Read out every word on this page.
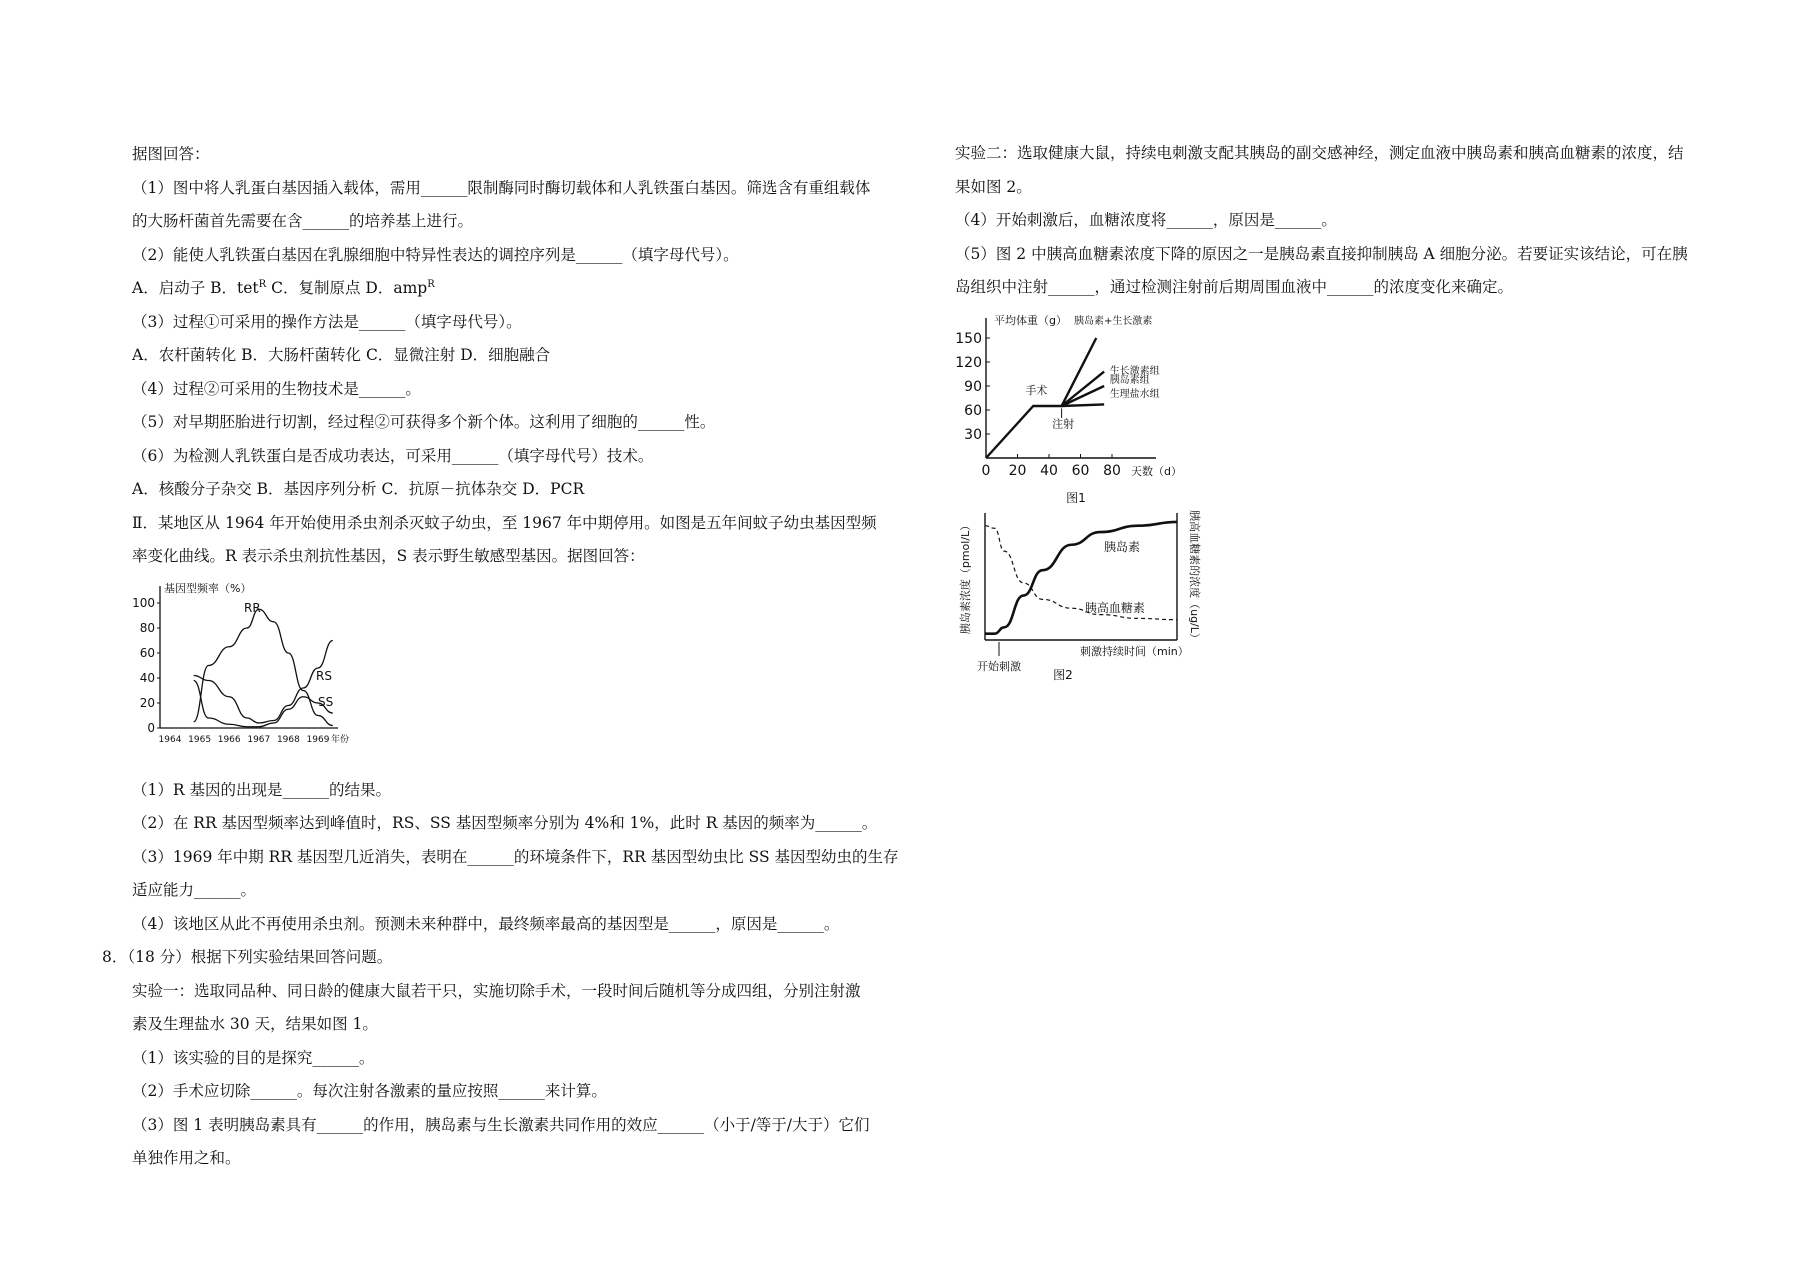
据图回答：
（1）图中将人乳蛋白基因插入载体，需用______限制酶同时酶切载体和人乳铁蛋白基因。筛选含有重组载体
的大肠杆菌首先需要在含______的培养基上进行。
（2）能使人乳铁蛋白基因在乳腺细胞中特异性表达的调控序列是______（填字母代号）。
A．启动子 B．tet$^R$ C．复制原点 D．amp$^R$
（3）过程①可采用的操作方法是______（填字母代号）。
A．农杆菌转化 B．大肠杆菌转化 C．显微注射 D．细胞融合
（4）过程②可采用的生物技术是______。
（5）对早期胚胎进行切割，经过程②可获得多个新个体。这利用了细胞的______性。
（6）为检测人乳铁蛋白是否成功表达，可采用______（填字母代号）技术。
A．核酸分子杂交 B．基因序列分析 C．抗原－抗体杂交 D．PCR
Ⅱ．某地区从 1964 年开始使用杀虫剂杀灭蚊子幼虫，至 1967 年中期停用。如图是五年间蚊子幼虫基因型频
率变化曲线。R 表示杀虫剂抗性基因，S 表示野生敏感型基因。据图回答：
（1）R 基因的出现是______的结果。
（2）在 RR 基因型频率达到峰值时，RS、SS 基因型频率分别为 4%和 1%，此时 R 基因的频率为______。
（3）1969 年中期 RR 基因型几近消失，表明在______的环境条件下，RR 基因型幼虫比 SS 基因型幼虫的生存
适应能力______。
（4）该地区从此不再使用杀虫剂。预测未来种群中，最终频率最高的基因型是______，原因是______。
8．（18 分）根据下列实验结果回答问题。
实验一：选取同品种、同日龄的健康大鼠若干只，实施切除手术，一段时间后随机等分成四组，分别注射激
素及生理盐水 30 天，结果如图 1。
（1）该实验的目的是探究______。
（2）手术应切除______。每次注射各激素的量应按照______来计算。
（3）图 1 表明胰岛素具有______的作用，胰岛素与生长激素共同作用的效应______（小于/等于/大于）它们
单独作用之和。
实验二：选取健康大鼠，持续电刺激支配其胰岛的副交感神经，测定血液中胰岛素和胰高血糖素的浓度，结
果如图 2。
（4）开始刺激后，血糖浓度将______，原因是______。
（5）图 2 中胰高血糖素浓度下降的原因之一是胰岛素直接抑制胰岛 A 细胞分泌。若要证实该结论，可在胰
岛组织中注射______，通过检测注射前后期周围血液中______的浓度变化来确定。
基因型频率（%）
0
20
40
60
80
100
1964 1965 1966 1967 1968 1969 年份
RR
RS
SS
平均体重（g） 胰岛素+生长激素
30
60
90
120
150
0 20 40 60 80 天数（d）
生长激素组
胰岛素组
生理盐水组
手术
注射
图1
胰岛素浓度（pmol/L）	胰高血糖素的浓度（ug/L）
刺激持续时间（min）
开始刺激
胰岛素
胰高血糖素
图2
